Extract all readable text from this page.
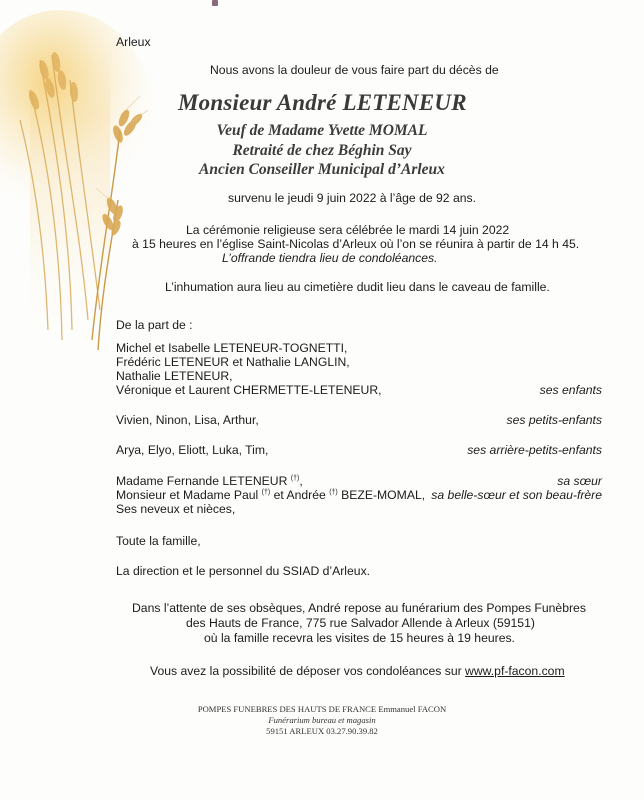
Arleux
Nous avons la douleur de vous faire part du décès de
Monsieur André LETENEUR
Veuf de Madame Yvette MOMAL
Retraité de chez Béghin Say
Ancien Conseiller Municipal d’Arleux
survenu le jeudi 9 juin 2022 à l’âge de 92 ans.
La cérémonie religieuse sera célébrée le mardi 14 juin 2022
à 15 heures en l’église Saint-Nicolas d’Arleux où l’on se réunira à partir de 14 h 45.
L’offrande tiendra lieu de condoléances.
L’inhumation aura lieu au cimetière dudit lieu dans le caveau de famille.
De la part de :
Michel et Isabelle LETENEUR-TOGNETTI,
Frédéric LETENEUR et Nathalie LANGLIN,
Nathalie LETENEUR,
Véronique et Laurent CHERMETTE-LETENEUR,	ses enfants
Vivien, Ninon, Lisa, Arthur,	ses petits-enfants
Arya, Elyo, Eliott, Luka, Tim,	ses arrière-petits-enfants
Madame Fernande LETENEUR (†),	sa sœur
Monsieur et Madame Paul (†) et Andrée (†) BEZE-MOMAL, sa belle-sœur et son beau-frère
Ses neveux et nièces,
Toute la famille,
La direction et le personnel du SSIAD d’Arleux.
Dans l’attente de ses obsèques, André repose au funérarium des Pompes Funèbres
des Hauts de France, 775 rue Salvador Allende à Arleux (59151)
où la famille recevra les visites de 15 heures à 19 heures.
Vous avez la possibilité de déposer vos condoléances sur www.pf-facon.com
POMPES FUNEBRES DES HAUTS DE FRANCE Emmanuel FACON
Funérarium bureau et magasin
59151 ARLEUX 03.27.90.39.82
